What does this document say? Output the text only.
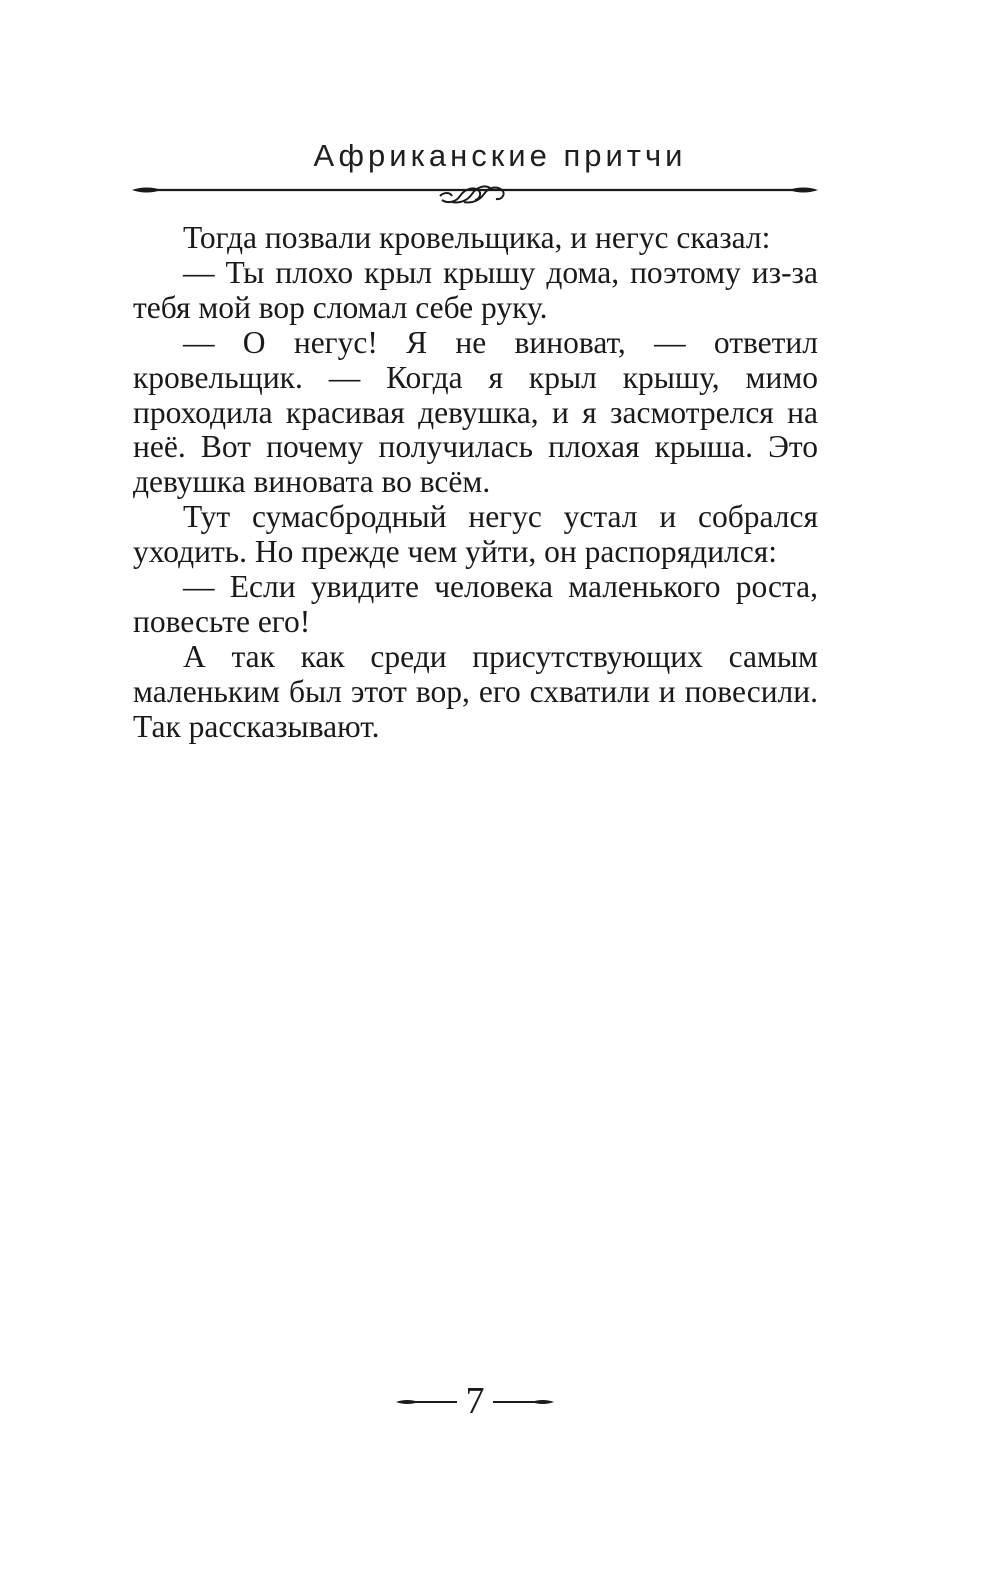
Африканские притчи

Тогда позвали кровельщика, и негус сказал:

— Ты плохо крыл крышу дома, поэтому из-за тебя мой вор сломал себе руку.

— О негус! Я не виноват, — ответил кровельщик. — Когда я крыл крышу, мимо проходила красивая девушка, и я засмотрелся на неё. Вот почему получилась плохая крыша. Это девушка виновата во всём.

Тут сумасбродный негус устал и собрался уходить. Но прежде чем уйти, он распорядился:

— Если увидите человека маленького роста, повесьте его!

А так как среди присутствующих самым маленьким был этот вор, его схватили и повесили. Так рассказывают.

7
